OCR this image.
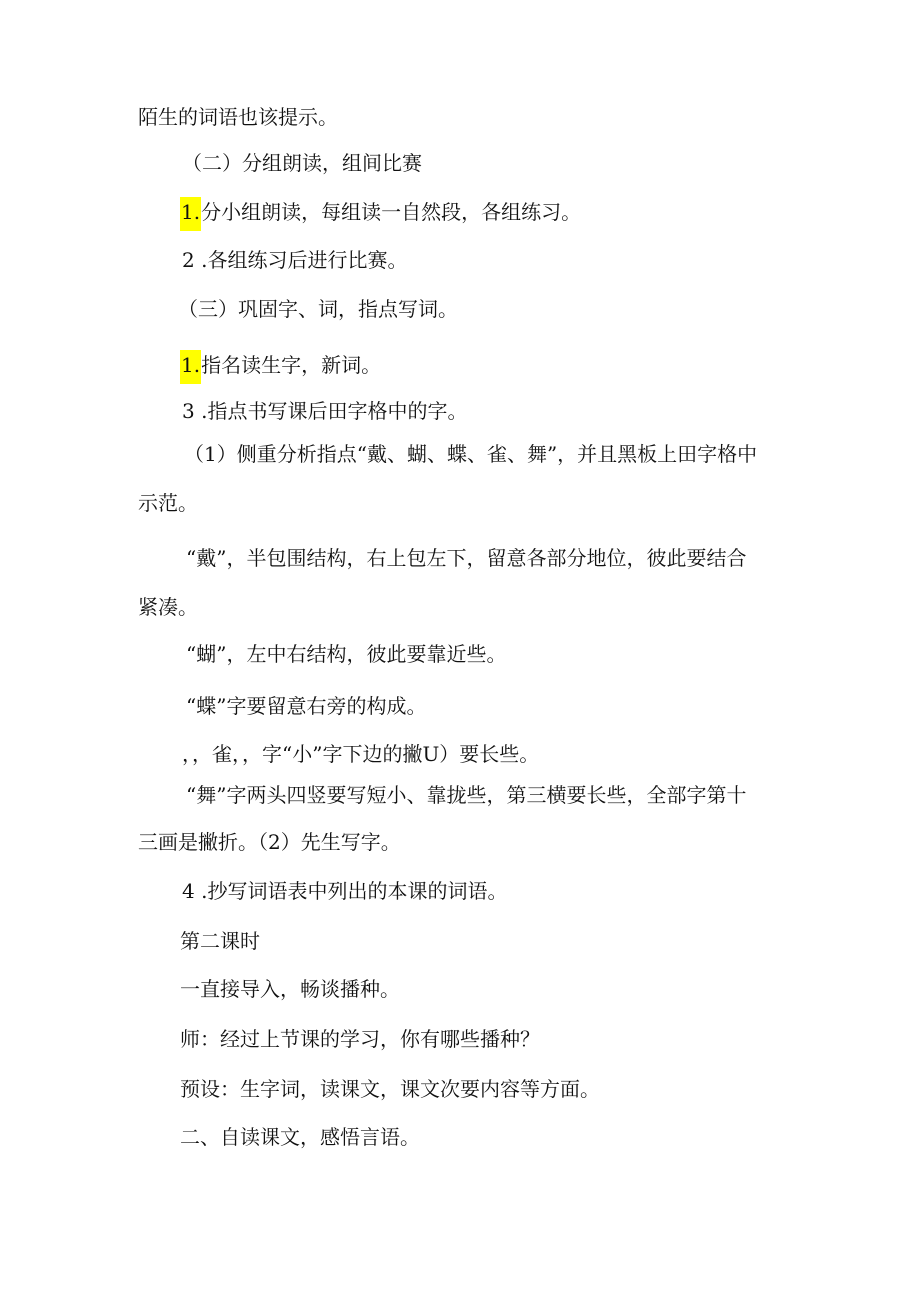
陌生的词语也该提示。
（二）分组朗读，组间比赛
1.分小组朗读，每组读一自然段，各组练习。
2 .各组练习后进行比赛。
（三）巩固字、词，指点写词。
1.指名读生字，新词。
3 .指点书写课后田字格中的字。
（1）侧重分析指点“戴、蝴、蝶、雀、舞”，并且黑板上田字格中
示范。
“戴”，半包围结构，右上包左下，留意各部分地位，彼此要结合
紧凑。
“蝴”，左中右结构，彼此要靠近些。
“蝶”字要留意右旁的构成。
，，雀，，字“小”字下边的撇U）要长些。
“舞”字两头四竖要写短小、靠拢些，第三横要长些，全部字第十
三画是撇折。（2）先生写字。
4 .抄写词语表中列出的本课的词语。
第二课时
一直接导入，畅谈播种。
师：经过上节课的学习，你有哪些播种？
预设：生字词，读课文，课文次要内容等方面。
二、自读课文，感悟言语。
